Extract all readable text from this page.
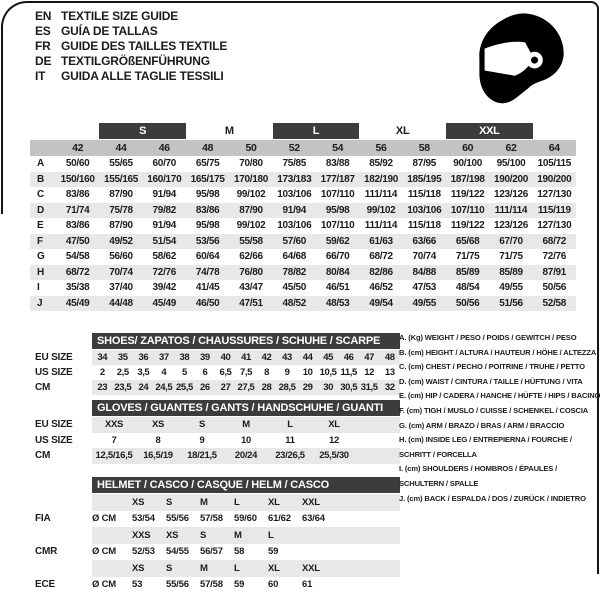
EN TEXTILE SIZE GUIDE
ES GUÍA DE TALLAS
FR GUIDE DES TAILLES TEXTILE
DE TEXTILGRÖßENFÜHRUNG
IT	GUIDA ALLE TAGLIE TESSILI
S	M	L	XL	XXL
42	44	46	48	50	52	54	56	58	60	62	64
A	50/60	55/65	60/70	65/75	70/80	75/85	83/88	85/92	87/95	90/100	95/100	105/115
B	150/160 155/165 160/170 165/175 170/180 173/183 177/187 182/190 185/195 187/198 190/200 190/200
C	83/86	87/90	91/94	95/98	99/102	103/106 107/110	111/114	115/118	119/122 123/126 127/130
D	71/74	75/78	79/82	83/86	87/90	91/94	95/98	99/102	103/106 107/110	111/114	115/119
E	83/86	87/90	91/94	95/98	99/102	103/106 107/110	111/114	115/118	119/122 123/126 127/130
F	47/50	49/52	51/54	53/56	55/58	57/60	59/62	61/63	63/66	65/68	67/70	68/72
G	54/58	56/60	58/62	60/64	62/66	64/68	66/70	68/72	70/74	71/75	71/75	72/76
H	68/72	70/74	72/76	74/78	76/80	78/82	80/84	82/86	84/88	85/89	85/89	87/91
I	35/38	37/40	39/42	41/45	43/47	45/50	46/51	46/52	47/53	48/54	49/55	50/56
J	45/49	44/48	45/49	46/50	47/51	48/52	48/53	49/54	49/55	50/56	51/56	52/58
SHOES/ ZAPATOS / CHAUSSURES / SCHUHE / SCARPE
EU SIZE	34	35	36	37	38	39	40	41	42	43	44	45	46	47	48
US SIZE	2	2,5 3,5	4	5	6	6,5 7,5	8	9	10 10,5 11,5 12	13
CM	23 23,5 24 24,5 25,5 26	27 27,5 28 28,5 29	30 30,5 31,5 32
GLOVES / GUANTES / GANTS / HANDSCHUHE / GUANTI
EU SIZE	XXS	XS	S	M	L	XL
US SIZE	7	8	9	10	11	12
CM	12,5/16,5	16,5/19	18/21,5	20/24	23/26,5	25,5/30
HELMET / CASCO / CASQUE / HELM / CASCO
XS	S	M	L	XL	XXL
FIA	Ø CM	53/54	55/56	57/58	59/60	61/62	63/64
XXS	XS	S	M	L
CMR	Ø CM	52/53	54/55	56/57	58	59
XS	S	M	L	XL	XXL
ECE	Ø CM	53	55/56	57/58	59	60	61
A. (Kg) WEIGHT / PESO / POIDS / GEWITCH / PESO
B. (cm) HEIGHT / ALTURA / HAUTEUR / HÖHE / ALTEZZA
C. (cm) CHEST / PECHO / POITRINE / TRUHE / PETTO
D. (cm) WAIST / CINTURA / TAILLE / HÜFTUNG / VITA
E. (cm) HIP / CADERA / HANCHE / HÜFTE / HIPS / BACINO
F. (cm) TIGH / MUSLO / CUISSE / SCHENKEL / COSCIA
G. (cm) ARM / BRAZO / BRAS / ARM / BRACCIO
H. (cm) INSIDE LEG / ENTREPIERNA / FOURCHE /
SCHRITT / FORCELLA
I. (cm) SHOULDERS / HOMBROS / ÉPAULES /
SCHULTERN / SPALLE
J. (cm) BACK / ESPALDA / DOS / ZURÜCK / INDIETRO
